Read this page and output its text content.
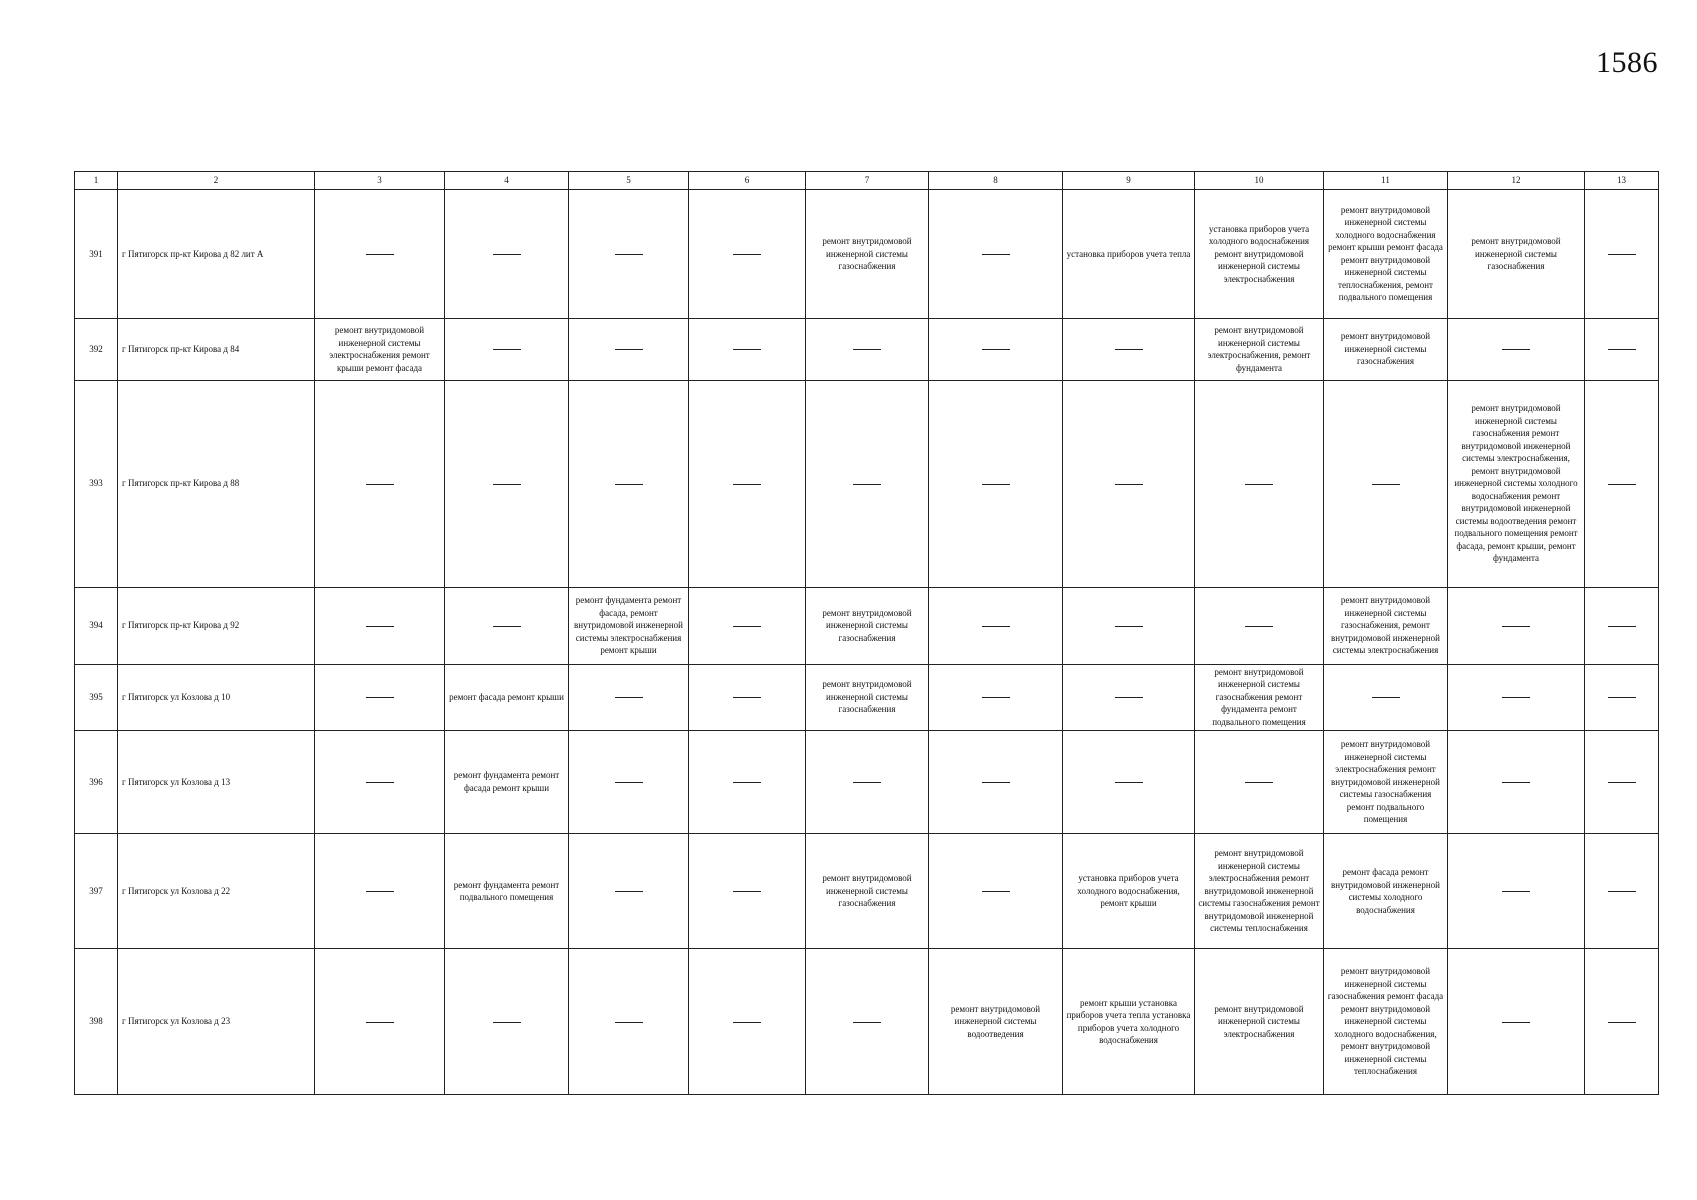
1586
1	2	3	4	5	6	7	8	9	10	11	12	13
391	г Пятигорск пр-кт Кирова д 82 лит А					ремонт внутридомовой инженерной системы газоснабжения		установка приборов учета тепла	установка приборов учета холодного водоснабжения ремонт внутридомовой инженерной системы электроснабжения	ремонт внутридомовой инженерной системы холодного водоснабжения ремонт крыши ремонт фасада ремонт внутридомовой инженерной системы теплоснабжения, ремонт подвального помещения	ремонт внутридомовой инженерной системы газоснабжения	

392	г Пятигорск пр-кт Кирова д 84	ремонт внутридомовой инженерной системы электроснабжения ремонт крыши ремонт фасада							ремонт внутридомовой инженерной системы электроснабжения, ремонт фундамента	ремонт внутридомовой инженерной системы газоснабжения		

393	г Пятигорск пр-кт Кирова д 88										ремонт внутридомовой инженерной системы газоснабжения ремонт внутридомовой инженерной системы электроснабжения, ремонт внутридомовой инженерной системы холодного водоснабжения ремонт внутридомовой инженерной системы водоотведения ремонт подвального помещения ремонт фасада, ремонт крыши, ремонт фундамента	

394	г Пятигорск пр-кт Кирова д 92			ремонт фундамента ремонт фасада, ремонт внутридомовой инженерной системы электроснабжения ремонт крыши		ремонт внутридомовой инженерной системы газоснабжения				ремонт внутридомовой инженерной системы газоснабжения, ремонт внутридомовой инженерной системы электроснабжения		

395	г Пятигорск ул Козлова д 10		ремонт фасада ремонт крыши			ремонт внутридомовой инженерной системы газоснабжения			ремонт внутридомовой инженерной системы газоснабжения ремонт фундамента ремонт подвального помещения			

396	г Пятигорск ул Козлова д 13		ремонт фундамента ремонт фасада ремонт крыши							ремонт внутридомовой инженерной системы электроснабжения ремонт внутридомовой инженерной системы газоснабжения ремонт подвального помещения		

397	г Пятигорск ул Козлова д 22		ремонт фундамента ремонт подвального помещения			ремонт внутридомовой инженерной системы газоснабжения		установка приборов учета холодного водоснабжения, ремонт крыши	ремонт внутридомовой инженерной системы электроснабжения ремонт внутридомовой инженерной системы газоснабжения ремонт внутридомовой инженерной системы теплоснабжения	ремонт фасада ремонт внутридомовой инженерной системы холодного водоснабжения		

398	г Пятигорск ул Козлова д 23						ремонт внутридомовой инженерной системы водоотведения	ремонт крыши установка приборов учета тепла установка приборов учета холодного водоснабжения	ремонт внутридомовой инженерной системы электроснабжения	ремонт внутридомовой инженерной системы газоснабжения ремонт фасада ремонт внутридомовой инженерной системы холодного водоснабжения, ремонт внутридомовой инженерной системы теплоснабжения		
